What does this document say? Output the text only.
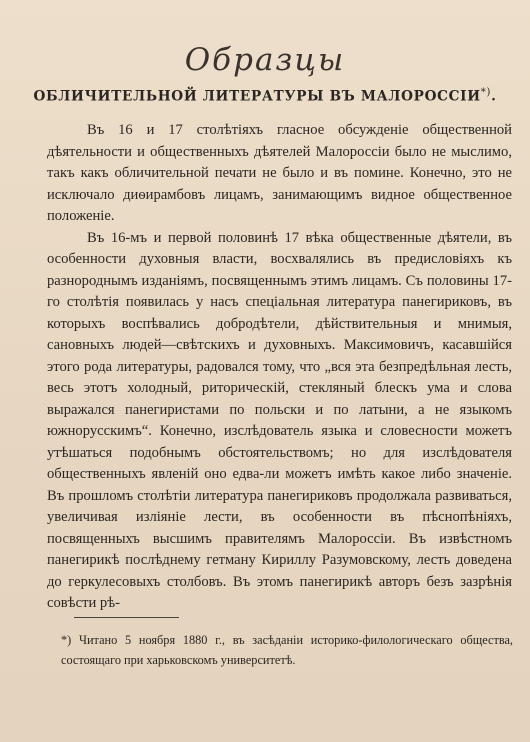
Образцы
ОБЛИЧИТЕЛЬНОЙ ЛИТЕРАТУРЫ ВЪ МАЛОРОССІИ*).

Въ 16 и 17 столѣтіяхъ гласное обсужденіе общественной дѣятельности и общественныхъ дѣятелей Малороссіи было не мыслимо, такъ какъ обличительной печати не было и въ помине. Конечно, это не исключало диѳирамбовъ лицамъ, занимающимъ видное общественное положеніе.

Въ 16-мъ и первой половинѣ 17 вѣка общественные дѣятели, въ особенности духовныя власти, восхвалялись въ предисловіяхъ къ разнороднымъ изданіямъ, посвященнымъ этимъ лицамъ. Съ половины 17-го столѣтія появилась у насъ спеціальная литература панегириковъ, въ которыхъ воспѣвались добродѣтели, дѣйствительныя и мнимыя, сановныхъ людей—свѣтскихъ и духовныхъ. Максимовичъ, касавшійся этого рода литературы, радовался тому, что „вся эта безпредѣльная лесть, весь этотъ холодный, риторическій, стекляный блескъ ума и слова выражался панегиристами по польски и по латыни, а не языкомъ южнорусскимъ“. Конечно, изслѣдователь языка и словесности можетъ утѣшаться подобнымъ обстоятельствомъ; но для изслѣдователя общественныхъ явленій оно едва-ли можетъ имѣть какое либо значеніе. Въ прошломъ столѣтіи литература панегириковъ продолжала развиваться, увеличивая изліяніе лести, въ особенности въ пѣснопѣніяхъ, посвященныхъ высшимъ правителямъ Малороссіи. Въ извѣстномъ панегирикѣ послѣднему гетману Кириллу Разумовскому, лесть доведена до геркулесовыхъ столбовъ. Въ этомъ панегирикѣ авторъ безъ зазрѣнія совѣсти рѣ-

*) Читано 5 ноября 1880 г., въ засѣданіи историко-филологическаго общества, состоящаго при харьковскомъ университетѣ.
